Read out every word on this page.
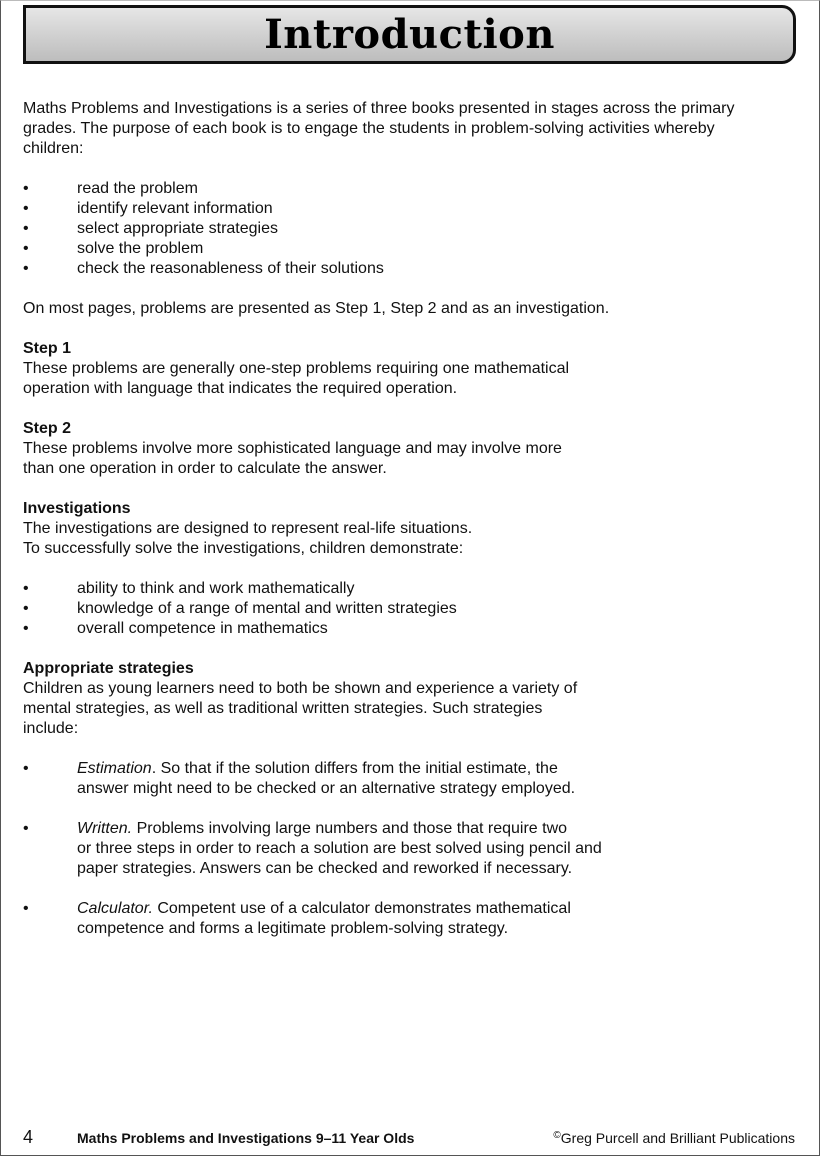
Introduction

Maths Problems and Investigations is a series of three books presented in stages across the primary
grades. The purpose of each book is to engage the students in problem-solving activities whereby
children:

•	read the problem
•	identify relevant information
•	select appropriate strategies
•	solve the problem
•	check the reasonableness of their solutions

On most pages, problems are presented as Step 1, Step 2 and as an investigation.

Step 1

These problems are generally one-step problems requiring one mathematical
operation with language that indicates the required operation.

Step 2

These problems involve more sophisticated language and may involve more
than one operation in order to calculate the answer.

Investigations

The investigations are designed to represent real-life situations.
To successfully solve the investigations, children demonstrate:

•	ability to think and work mathematically
•	knowledge of a range of mental and written strategies
•	overall competence in mathematics

Appropriate strategies

Children as young learners need to both be shown and experience a variety of
mental strategies, as well as traditional written strategies. Such strategies
include:

•	Estimation. So that if the solution differs from the initial estimate, the
answer might need to be checked or an alternative strategy employed.
•	Written. Problems involving large numbers and those that require two
or three steps in order to reach a solution are best solved using pencil and
paper strategies. Answers can be checked and reworked if necessary.
•	Calculator. Competent use of a calculator demonstrates mathematical
competence and forms a legitimate problem-solving strategy.
4	Maths Problems and Investigations 9–11 Year Olds	©Greg Purcell and Brilliant Publications
